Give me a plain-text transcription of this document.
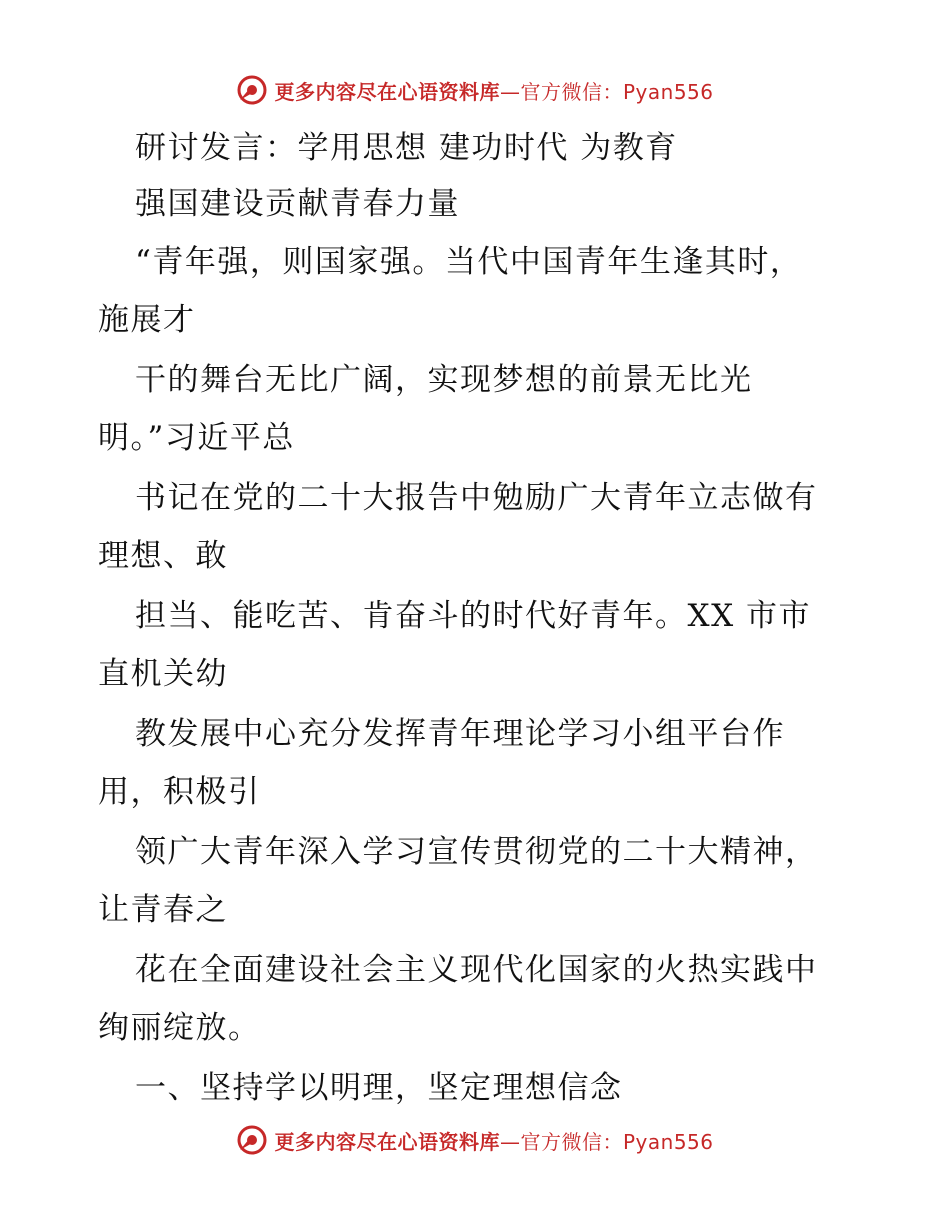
更多内容尽在心语资料库—官方微信：Pyan556
研讨发言：学用思想 建功时代 为教育
强国建设贡献青春力量
“青年强，则国家强。当代中国青年生逢其时，
施展才
干的舞台无比广阔，实现梦想的前景无比光
明。”习近平总
书记在党的二十大报告中勉励广大青年立志做有
理想、敢
担当、能吃苦、肯奋斗的时代好青年。XX 市市
直机关幼
教发展中心充分发挥青年理论学习小组平台作
用，积极引
领广大青年深入学习宣传贯彻党的二十大精神，
让青春之
花在全面建设社会主义现代化国家的火热实践中
绚丽绽放。
一、坚持学以明理，坚定理想信念
更多内容尽在心语资料库—官方微信：Pyan556
